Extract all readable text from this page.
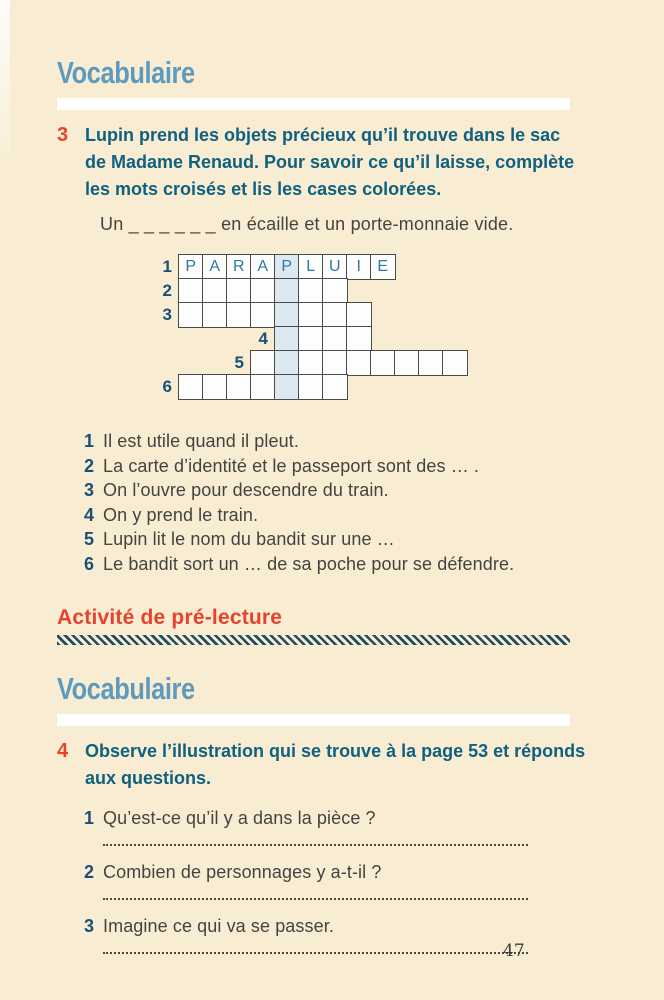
Vocabulaire
3 Lupin prend les objets précieux qu’il trouve dans le sac
de Madame Renaud. Pour savoir ce qu’il laisse, complète
les mots croisés et lis les cases colorées.

Un _ _ _ _ _ _ en écaille et un porte-monnaie vide.

1 P A R A P L U I	E
2
3
4
5
6
1 Il est utile quand il pleut.
2 La carte d’identité et le passeport sont des … .
3 On l’ouvre pour descendre du train.
4 On y prend le train.
5 Lupin lit le nom du bandit sur une …
6 Le bandit sort un … de sa poche pour se défendre.
Activité de pré-lecture
Vocabulaire
4 Observe l’illustration qui se trouve à la page 53 et réponds
aux questions.
1 Qu’est-ce qu’il y a dans la pièce ?
2 Combien de personnages y a-t-il ?
3 Imagine ce qui va se passer.
47
